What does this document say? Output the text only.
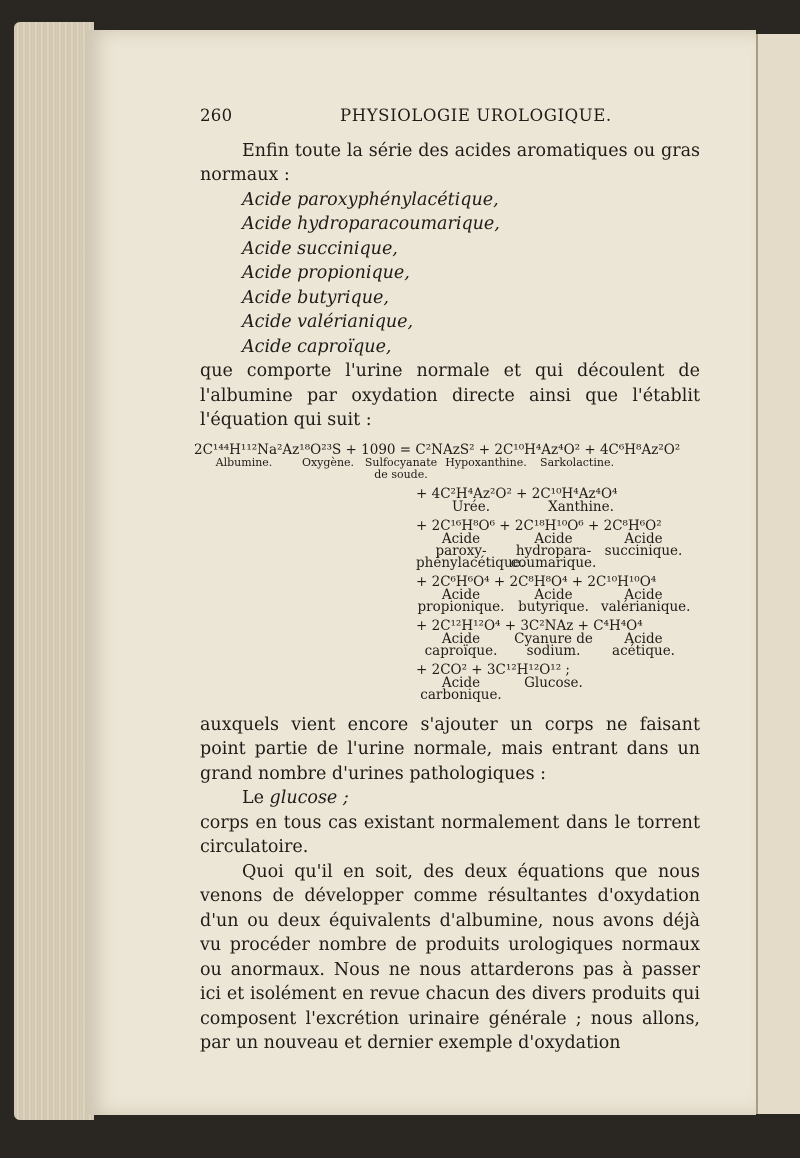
260	PHYSIOLOGIE UROLOGIQUE.

Enfin toute la série des acides aromatiques ou gras normaux :

Acide paroxyphénylacétique,
Acide hydroparacoumarique,
Acide succinique,
Acide propionique,
Acide butyrique,
Acide valérianique,
Acide caproïque,

que comporte l'urine normale et qui découlent de l'albumine par oxydation directe ainsi que l'établit l'équation qui suit :

2C¹⁴⁴H¹¹²Na²Az¹⁸O²³S + 1090 = C²NAzS² + 2C¹⁰H⁴Az⁴O² + 4C⁶H⁸Az²O²
Albumine.	Oxygène. Sulfocyanate de soude.
Hypoxanthine.	Sarkolactine.
+ 4C²H⁴Az²O² + 2C¹⁰H⁴Az⁴O⁴
Urée.	Xanthine.
+ 2C¹⁶H⁸O⁶ + 2C¹⁸H¹⁰O⁶ + 2C⁸H⁶O²
Acide paroxy-phénylacétique.
Acide hydropara-coumarique.
Acide succinique.
+ 2C⁶H⁶O⁴ + 2C⁸H⁸O⁴ + 2C¹⁰H¹⁰O⁴
Acide propionique.
Acide butyrique.
Acide valérianique.
+ 2C¹²H¹²O⁴ + 3C²NAz + C⁴H⁴O⁴
Acide caproïque.
Cyanure de sodium.
Acide acétique.
+ 2CO² + 3C¹²H¹²O¹² ;
Acide carbonique.
Glucose.

auxquels vient encore s'ajouter un corps ne faisant point partie de l'urine normale, mais entrant dans un grand nombre d'urines pathologiques :

Le glucose ;

corps en tous cas existant normalement dans le torrent circulatoire.

Quoi qu'il en soit, des deux équations que nous venons de développer comme résultantes d'oxydation d'un ou deux équivalents d'albumine, nous avons déjà vu procéder nombre de produits urologiques normaux ou anormaux. Nous ne nous attarderons pas à passer ici et isolément en revue chacun des divers produits qui composent l'excrétion urinaire générale ; nous allons, par un nouveau et dernier exemple d'oxydation
